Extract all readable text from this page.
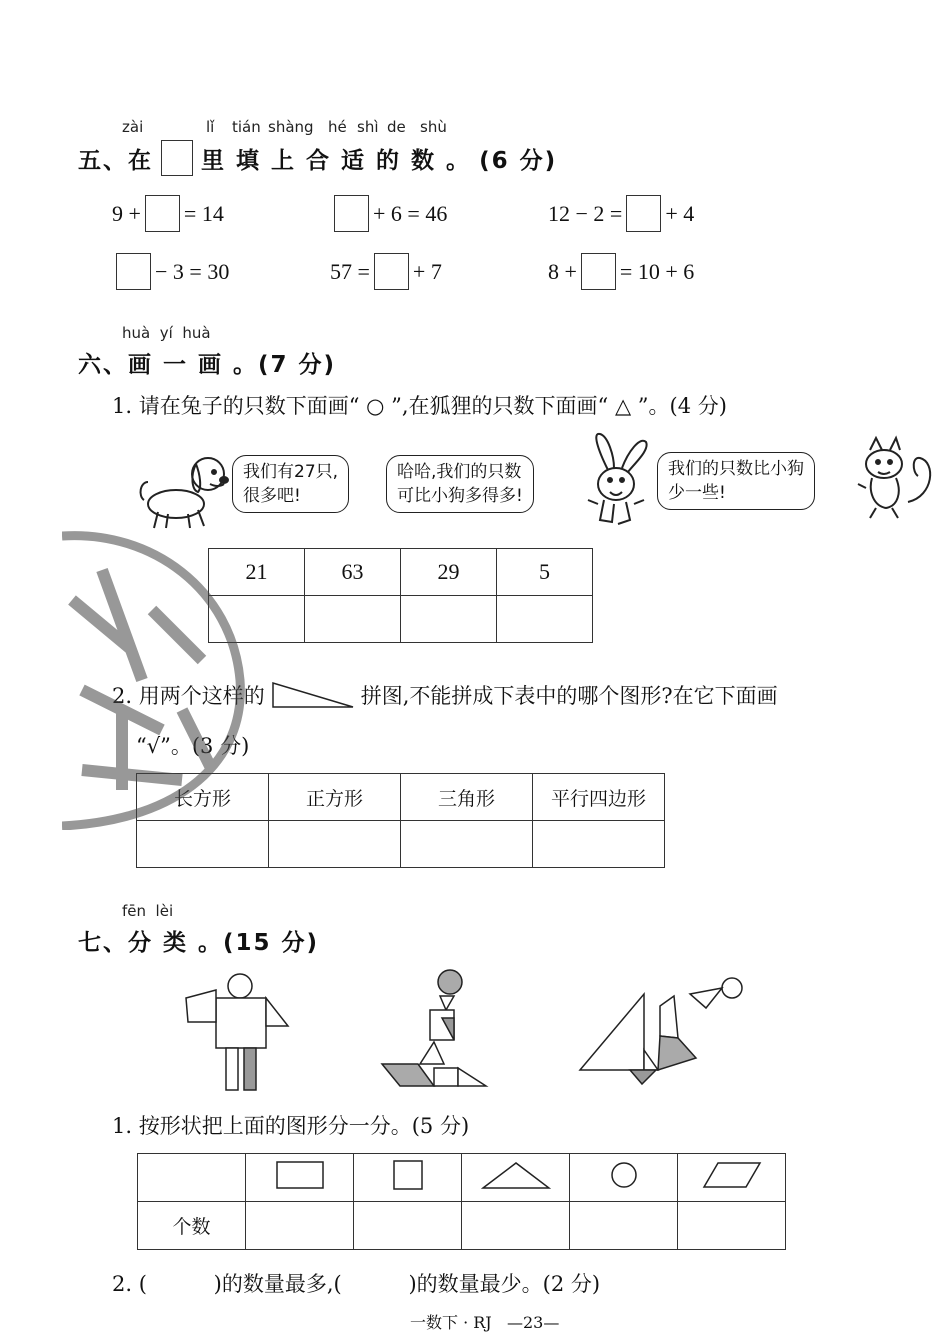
zài	lǐ tián shàng hé shì de shù
五、 在 里 填 上 合 适 的 数 。 (6 分)
9 + = 14	+ 6 = 46	12 − 2 = + 4
− 3 = 30	57 = + 7	8 + = 10 + 6
huà  yí  huà
六、画 一 画 。(7 分)
1. 请在兔子的只数下面画“ ○ ”,在狐狸的只数下面画“ △ ”。(4 分)
我们有27只,
很多吧!
哈哈,我们的只数
可比小狗多得多!
我们的只数比小狗
少一些!
21	63	29	5

2. 用两个这样的	拼图,不能拼成下表中的哪个图形?在它下面画
“√”。(3 分)
长方形	正方形	三角形	平行四边形

fēn  lèi
七、分 类 。(15 分)
1. 按形状把上面的图形分一分。(5 分)

个数					
2. (          )的数量最多,(          )的数量最少。(2 分)
一数下 · RJ   —23—
